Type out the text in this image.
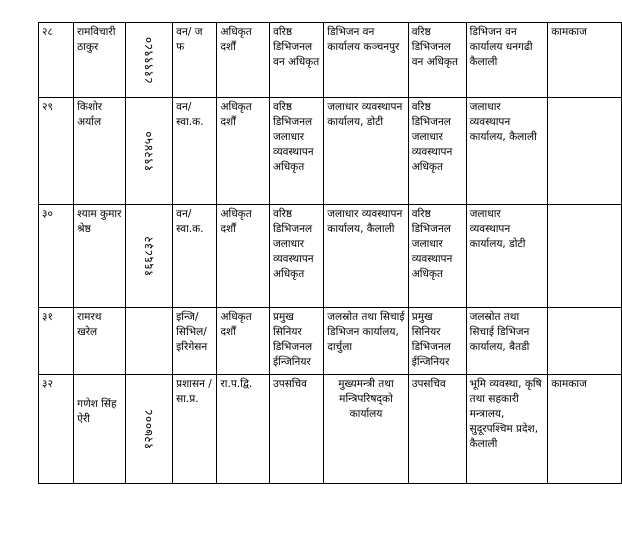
२८	रामविचारी ठाकुर	८१९९९८०	वन/ ज फ	अधिकृत दर्शौं	वरिष्ठ डिभिजनल वन अधिकृत	डिभिजन वन कार्यालय कञ्चनपुर	वरिष्ठ डिभिजनल वन अधिकृत	डिभिजन वन कार्यालय धनगढी कैलाली	कामकाज
२९	किशोर अर्याल	१९२४५०	वन/ स्वा.क.	अधिकृत दर्शौं	वरिष्ठ डिभिजनल जलाधार व्यवस्थापन अधिकृत	जलाधार व्यवस्थापन कार्यालय, डोटी	वरिष्ठ डिभिजनल जलाधार व्यवस्थापन अधिकृत	जलाधार व्यवस्थापन कार्यालय, कैलाली	
३०	श्याम कुमार श्रेष्ठ	१६६८३२	वन/ स्वा.क.	अधिकृत दर्शौं	वरिष्ठ डिभिजनल जलाधार व्यवस्थापन अधिकृत	जलाधार व्यवस्थापन कार्यालय, कैलाली	वरिष्ठ डिभिजनल जलाधार व्यवस्थापन अधिकृत	जलाधार व्यवस्थापन कार्यालय, डोटी	
३१	रामरथ खरेल		इन्जि/ सिभिल/ इरिगेसन	अधिकृत दर्शौं	प्रमुख सिनियर डिभिजनल ईन्जिनियर	जलस्रोत तथा सिचाई डिभिजन कार्यालय, दार्चुला	प्रमुख सिनियर डिभिजनल ईन्जिनियर	जलस्रोत तथा सिचाई डिभिजन कार्यालय, बैतडी	
३२	गणेश सिंह ऐरी	१२७००८	प्रशासन / सा.प्र.	रा.प.द्वि.	उपसचिव	मुख्यमन्त्री तथा मन्त्रिपरिषद्को कार्यालय	उपसचिव	भूमि व्यवस्था, कृषि तथा सहकारी मन्त्रालय, सुदूरपश्चिम प्रदेश, कैलाली	कामकाज
